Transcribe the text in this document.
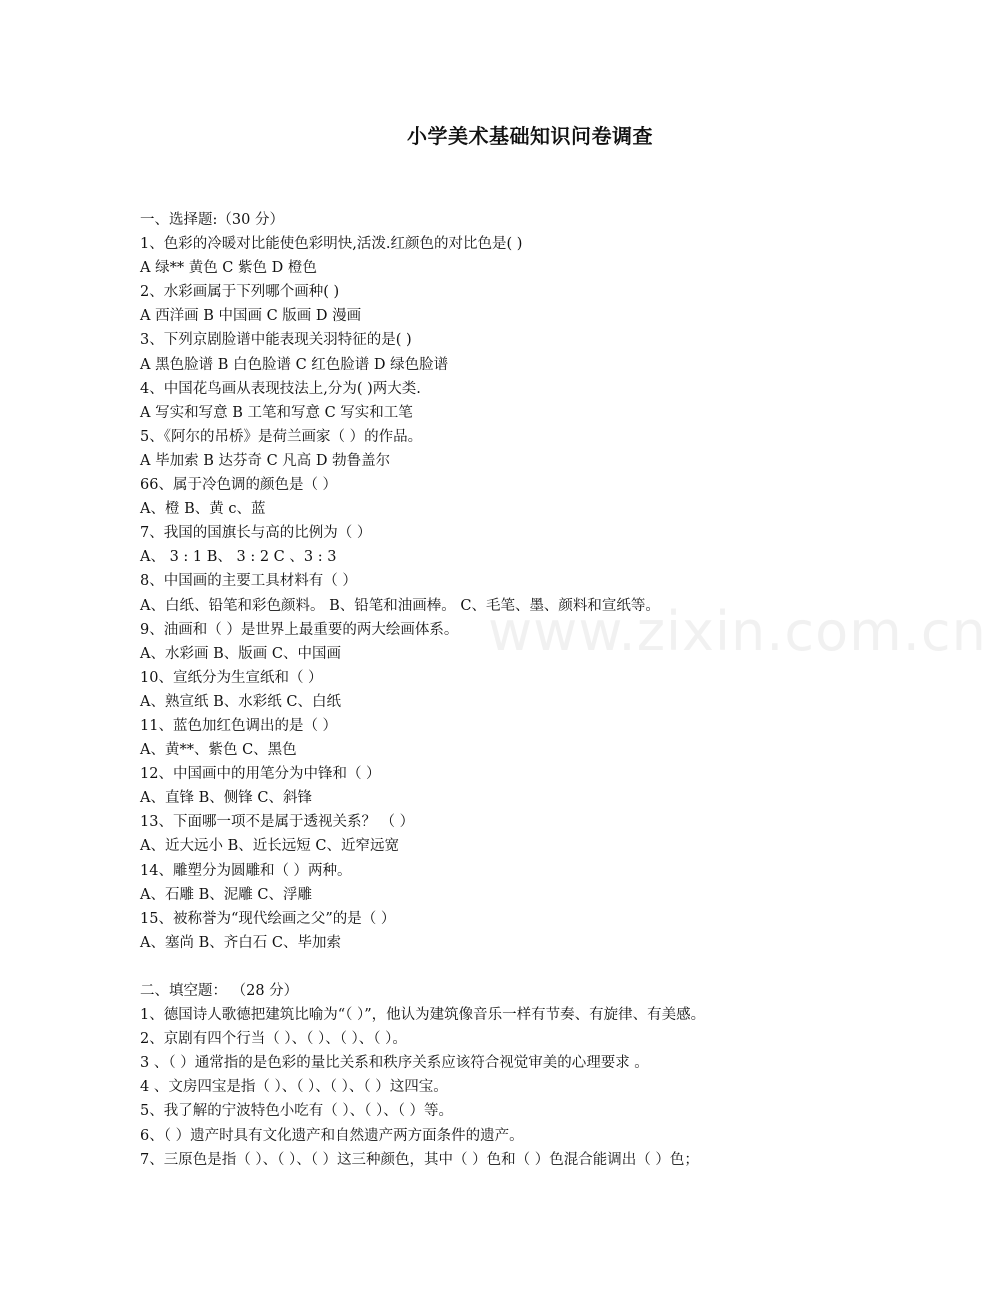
www.zixin.com.cn
小学美术基础知识问卷调查
一、选择题:（30 分）
1、色彩的冷暖对比能使色彩明快,活泼.红颜色的对比色是( )
A 绿** 黄色 C 紫色 D 橙色
2、水彩画属于下列哪个画种( )
A 西洋画 B 中国画 C 版画 D 漫画
3、下列京剧脸谱中能表现关羽特征的是( )
A 黑色脸谱 B 白色脸谱 C 红色脸谱 D 绿色脸谱
4、中国花鸟画从表现技法上,分为( )两大类.
A 写实和写意 B 工笔和写意 C 写实和工笔
5、《阿尔的吊桥》是荷兰画家（ ）的作品。
A 毕加索 B 达芬奇 C 凡高 D 勃鲁盖尔
66、属于冷色调的颜色是（ ）
A、橙 B、黄 c、蓝
7、我国的国旗长与高的比例为（ ）
A、 3 : 1 B、 3 : 2 C 、3 : 3
8、中国画的主要工具材料有（ ）
A、白纸、铅笔和彩色颜料。 B、铅笔和油画棒。 C、毛笔、墨、颜料和宣纸等。
9、油画和（ ）是世界上最重要的两大绘画体系。
A、水彩画 B、版画 C、中国画
10、宣纸分为生宣纸和（ ）
A、熟宣纸 B、水彩纸 C、白纸
11、蓝色加红色调出的是（ ）
A、黄**、紫色 C、黑色
12、中国画中的用笔分为中锋和（ ）
A、直锋 B、侧锋 C、斜锋
13、下面哪一项不是属于透视关系？ （ ）
A、近大远小 B、近长远短 C、近窄远宽
14、雕塑分为圆雕和（ ）两种。
A、石雕 B、泥雕 C、浮雕
15、被称誉为“现代绘画之父”的是（ ）
A、塞尚 B、齐白石 C、毕加索
二、填空题： （28 分）
1、德国诗人歌德把建筑比喻为“（ ）”，他认为建筑像音乐一样有节奏、有旋律、有美感。
2、京剧有四个行当（ ）、（ ）、（ ）、（ ）。
3 、（ ）通常指的是色彩的量比关系和秩序关系应该符合视觉审美的心理要求 。
4 、文房四宝是指（ ）、（ ）、（ ）、（ ）这四宝。
5、我了解的宁波特色小吃有（ ）、（ ）、（ ）等。
6、（ ）遗产时具有文化遗产和自然遗产两方面条件的遗产。
7、三原色是指（ ）、（ ）、（ ）这三种颜色，其中（ ）色和（ ）色混合能调出（ ）色；
